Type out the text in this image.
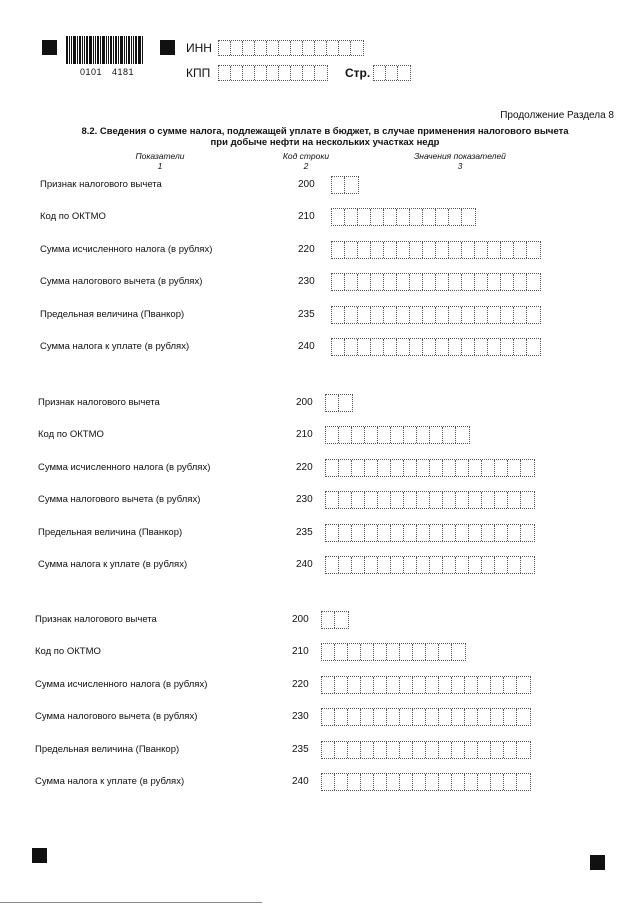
0101 4181
ИНН
КПП	Стр.
Продолжение Раздела 8
8.2. Сведения о сумме налога, подлежащей уплате в бюджет, в случае применения налогового вычета
при добыче нефти на нескольких участках недр
Показатели
1
Код строки
2
Значения показателей
3
Признак налогового вычета	200
Код по ОКТМО	210
Сумма исчисленного налога (в рублях)	220
Сумма налогового вычета (в рублях)	230
Предельная величина (Пванкор)	235
Сумма налога к уплате (в рублях)	240
Признак налогового вычета	200
Код по ОКТМО	210
Сумма исчисленного налога (в рублях)	220
Сумма налогового вычета (в рублях)	230
Предельная величина (Пванкор)	235
Сумма налога к уплате (в рублях)	240
Признак налогового вычета	200
Код по ОКТМО	210
Сумма исчисленного налога (в рублях)	220
Сумма налогового вычета (в рублях)	230
Предельная величина (Пванкор)	235
Сумма налога к уплате (в рублях)	240
